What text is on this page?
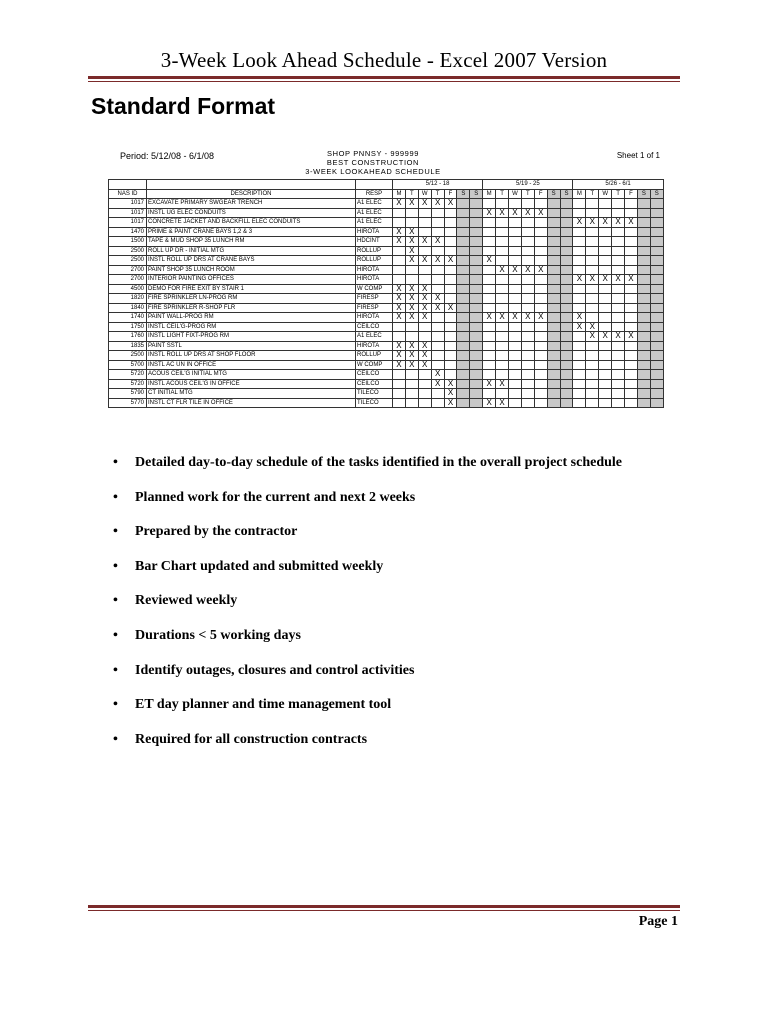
3-Week Look Ahead Schedule - Excel 2007 Version
Standard Format
Period: 5/12/08 - 6/1/08	SHOP PNNSY - 999999
BEST CONSTRUCTION
3-WEEK LOOKAHEAD SCHEDULE
Sheet 1 of 1
			5/12 - 18							5/19 - 25							5/26 - 6/1						
NAS ID	DESCRIPTION	RESP	M	T	W	T	F	S	S	M	T	W	T	F	S	S	M	T	W	T	F	S	S
1017	EXCAVATE PRIMARY SWGEAR TRENCH	A1 ELEC	X	X	X	X	X																
1017	INSTL UG ELEC CONDUITS	A1 ELEC								X	X	X	X	X									
1017	CONCRETE JACKET AND BACKFILL ELEC CONDUITS	A1 ELEC															X	X	X	X	X		
1470	PRIME & PAINT CRANE BAYS 1,2 & 3	HIROTA	X	X																			
1500	TAPE & MUD SHOP 35 LUNCH RM	HDCINT	X	X	X	X																	
2500	ROLL UP DR - INITIAL MTG	ROLLUP		X																			
2500	INSTL ROLL UP DRS AT CRANE BAYS	ROLLUP		X	X	X	X			X													
2700	PAINT SHOP 35 LUNCH ROOM	HIROTA									X	X	X	X									
2700	INTERIOR PAINTING OFFICES	HIROTA															X	X	X	X	X		
4500	DEMO FOR FIRE EXIT BY STAIR 1	W COMP	X	X	X																		
1820	FIRE SPRINKLER LN-PROG RM	FIRESP	X	X	X	X																	
1840	FIRE SPRINKLER R-SHOP FLR	FIRESP	X	X	X	X	X																
1740	PAINT WALL-PROG RM	HIROTA	X	X	X					X	X	X	X	X			X						
1750	INSTL CEIL'G-PROG RM	CEILCO															X	X					
1760	INSTL LIGHT FIXT-PROG RM	A1 ELEC																X	X	X	X		
1835	PAINT SSTL	HIROTA	X	X	X																		
2500	INSTL ROLL UP DRS AT SHOP FLOOR	ROLLUP	X	X	X																		
5700	INSTL AC UN IN OFFICE	W COMP	X	X	X																		
5720	ACOUS CEIL'G INITIAL MTG	CEILCO				X																	
5720	INSTL ACOUS CEIL'G IN OFFICE	CEILCO				X	X			X	X												
5790	CT INITIAL MTG	TILECO					X																
5770	INSTL CT FLR TILE IN OFFICE	TILECO					X			X	X												
• Detailed day-to-day schedule of the tasks identified in the overall project schedule
• Planned work for the current and next 2 weeks
• Prepared by the contractor
• Bar Chart updated and submitted weekly
• Reviewed weekly
• Durations < 5 working days
• Identify outages, closures and control activities
• ET day planner and time management tool
• Required for all construction contracts
Page 1
